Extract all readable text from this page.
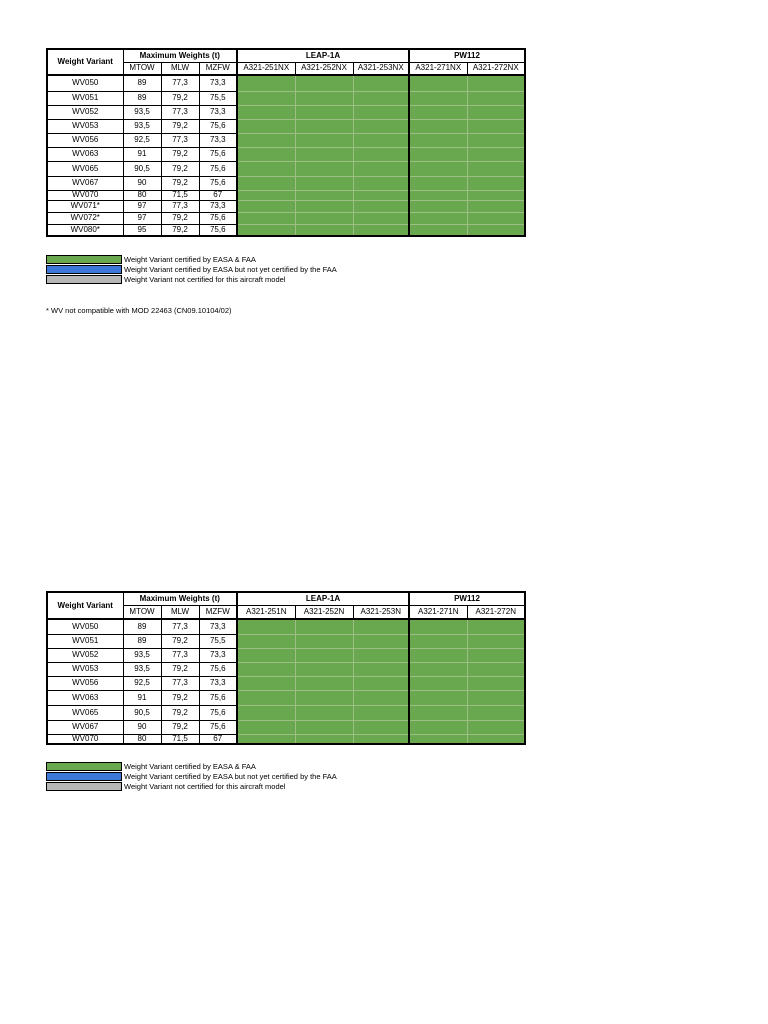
Weight Variant	Maximum Weights (t)			LEAP-1A			PW112	
	MTOW	MLW	MZFW	A321-251NX	A321-252NX	A321-253NX	A321-271NX	A321-272NX
WV050	89	77,3	73,3					
WV051	89	79,2	75,5					
WV052	93,5	77,3	73,3					
WV053	93,5	79,2	75,6					
WV056	92,5	77,3	73,3					
WV063	91	79,2	75,6					
WV065	90,5	79,2	75,6					
WV067	90	79,2	75,6					
WV070	80	71,5	67					
WV071*	97	77,3	73,3					
WV072*	97	79,2	75,6					
WV080*	95	79,2	75,6					
Weight Variant certified by EASA & FAA
Weight Variant certified by EASA but not yet certified by the FAA
Weight Variant not certified for this aircraft model
* WV not compatible with MOD 22463 (CN09.10104/02)
Weight Variant	Maximum Weights (t)			LEAP-1A			PW112	
	MTOW	MLW	MZFW	A321-251N	A321-252N	A321-253N	A321-271N	A321-272N
WV050	89	77,3	73,3					
WV051	89	79,2	75,5					
WV052	93,5	77,3	73,3					
WV053	93,5	79,2	75,6					
WV056	92,5	77,3	73,3					
WV063	91	79,2	75,6					
WV065	90,5	79,2	75,6					
WV067	90	79,2	75,6					
WV070	80	71,5	67					
Weight Variant certified by EASA & FAA
Weight Variant certified by EASA but not yet certified by the FAA
Weight Variant not certified for this aircraft model
